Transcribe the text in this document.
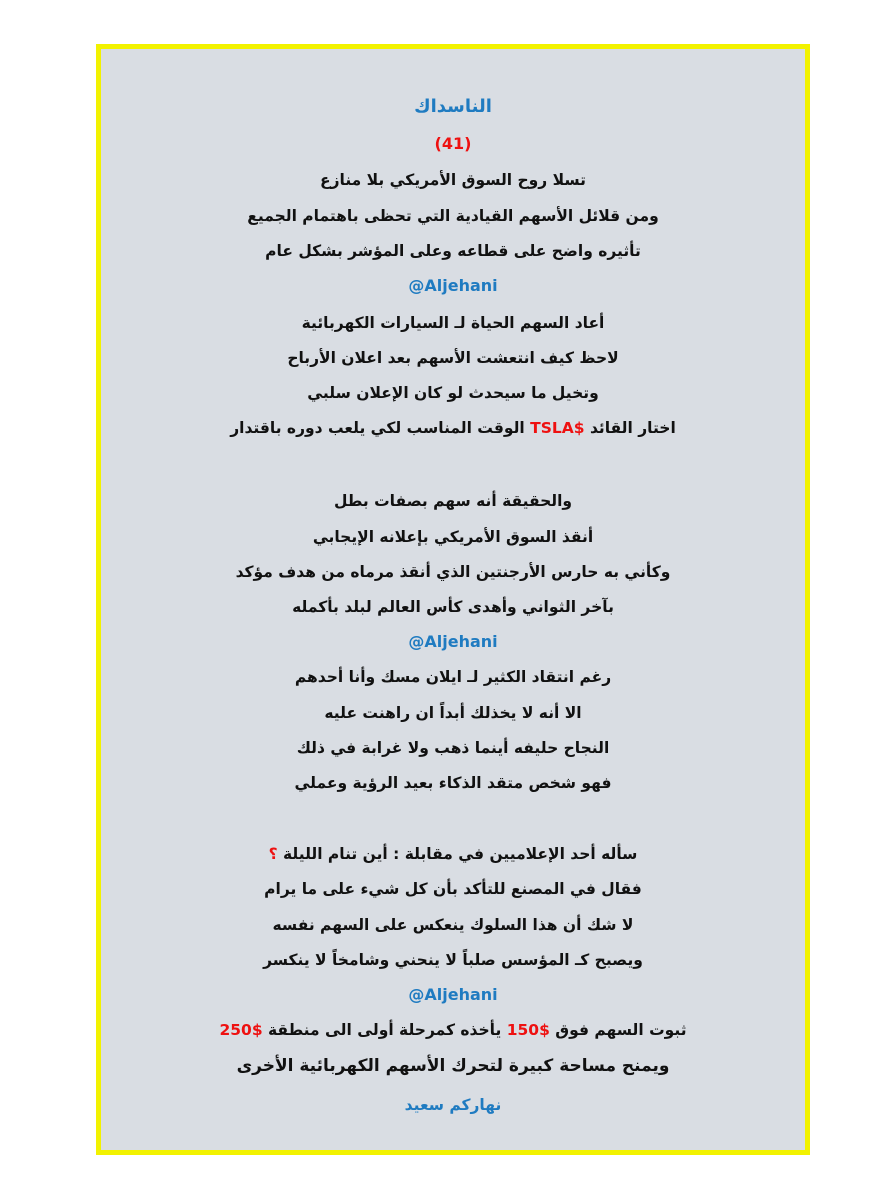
الناسداك
(41)
تسلا روح السوق الأمريكي بلا منازع
ومن قلائل الأسهم القيادية التي تحظى باهتمام الجميع
تأثيره واضح على قطاعه وعلى المؤشر بشكل عام
@Aljehani
أعاد السهم الحياة لـ السيارات الكهربائية
لاحظ كيف انتعشت الأسهم بعد اعلان الأرباح
وتخيل ما سيحدث لو كان الإعلان سلبي
اختار القائد $TSLA الوقت المناسب لكي يلعب دوره باقتدار
والحقيقة أنه سهم بصفات بطل
أنقذ السوق الأمريكي بإعلانه الإيجابي
وكأني به حارس الأرجنتين الذي أنقذ مرماه من هدف مؤكد
بآخر الثواني وأهدى كأس العالم لبلد بأكمله
@Aljehani
رغم انتقاد الكثير لـ ايلان مسك وأنا أحدهم
الا أنه لا يخذلك أبداً ان راهنت عليه
النجاح حليفه أينما ذهب ولا غرابة في ذلك
فهو شخص متقد الذكاء بعيد الرؤية وعملي
سأله أحد الإعلاميين في مقابلة : أين تنام الليلة ؟
فقال في المصنع للتأكد بأن كل شيء على ما يرام
لا شك أن هذا السلوك ينعكس على السهم نفسه
ويصبح كـ المؤسس صلباً لا ينحني وشامخاً لا ينكسر
@Aljehani
ثبوت السهم فوق $150 يأخذه كمرحلة أولى الى منطقة $250
ويمنح مساحة كبيرة لتحرك الأسهم الكهربائية الأخرى
نهاركم سعيد
